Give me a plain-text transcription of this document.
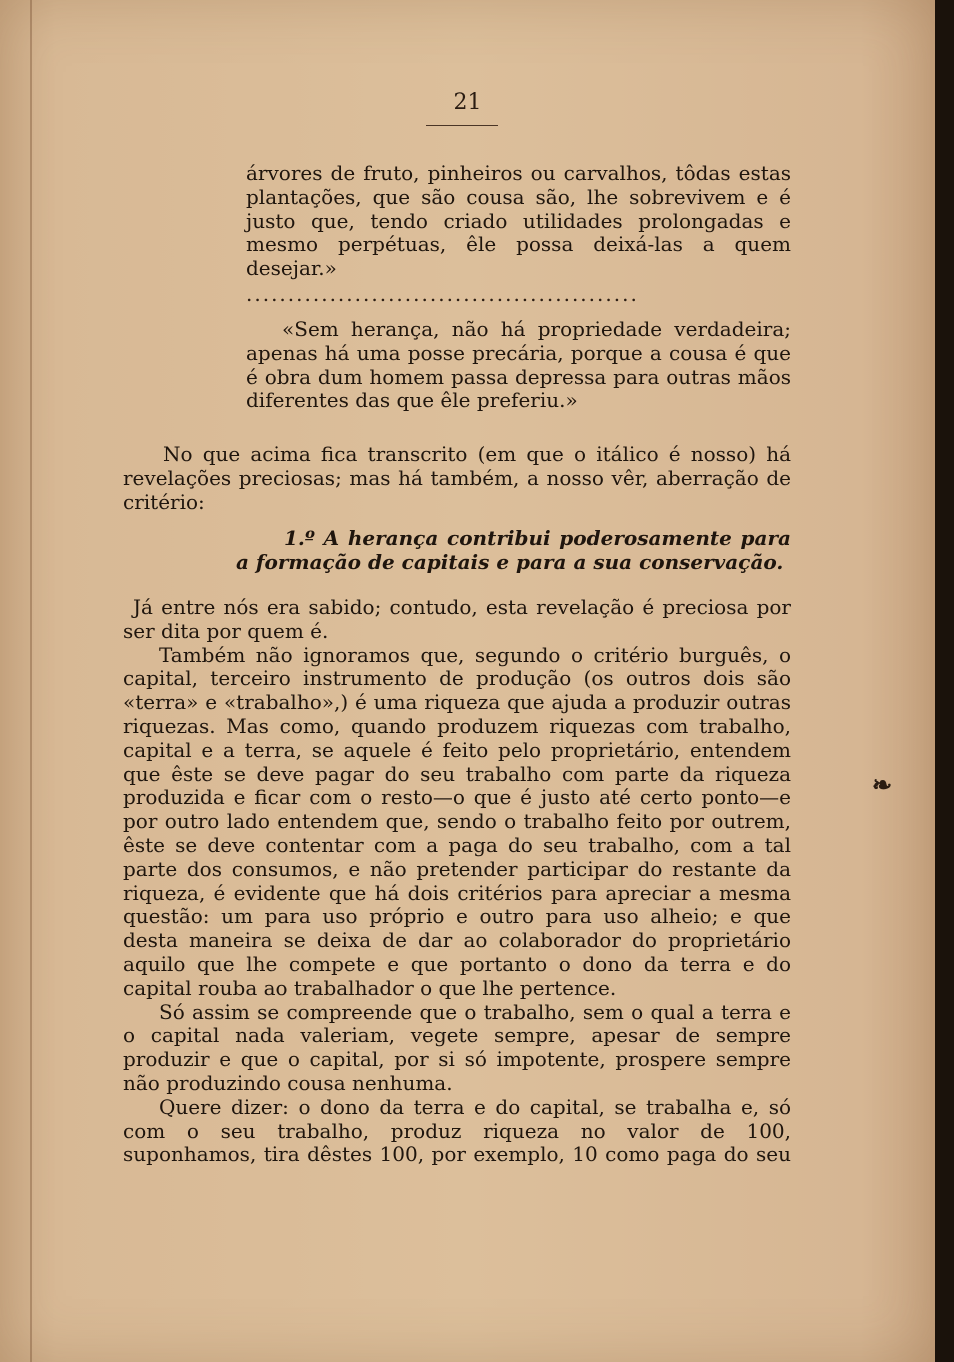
21

árvores de fruto, pinheiros ou carvalhos, tôdas estas plantações, que são cousa são, lhe sobrevivem e é justo que, tendo criado utilidades prolongadas e mesmo perpétuas, êle possa deixá-las a quem desejar.»

...............................................

«Sem herança, não há propriedade verdadeira; apenas há uma posse precária, porque a cousa é que é obra dum homem passa depressa para outras mãos diferentes das que êle preferiu.»

No que acima fica transcrito (em que o itálico é nosso) há revelações preciosas; mas há também, a nosso vêr, aberração de critério:

1.º A herança contribui poderosamente para a formação de capitais e para a sua conservação.

Já entre nós era sabido; contudo, esta revelação é preciosa por ser dita por quem é.

Também não ignoramos que, segundo o critério burguês, o capital, terceiro instrumento de produção (os outros dois são «terra» e «trabalho»,) é uma riqueza que ajuda a produzir outras riquezas. Mas como, quando produzem riquezas com trabalho, capital e a terra, se aquele é feito pelo proprietário, entendem que êste se deve pagar do seu trabalho com parte da riqueza produzida e ficar com o resto—o que é justo até certo ponto—e por outro lado entendem que, sendo o trabalho feito por outrem, êste se deve contentar com a paga do seu trabalho, com a tal parte dos consumos, e não pretender participar do restante da riqueza, é evidente que há dois critérios para apreciar a mesma questão: um para uso próprio e outro para uso alheio; e que desta maneira se deixa de dar ao colaborador do proprietário aquilo que lhe compete e que portanto o dono da terra e do capital rouba ao trabalhador o que lhe pertence.

Só assim se compreende que o trabalho, sem o qual a terra e o capital nada valeriam, vegete sempre, apesar de sempre produzir e que o capital, por si só impotente, prospere sempre não produzindo cousa nenhuma.

Quere dizer: o dono da terra e do capital, se trabalha e, só com o seu trabalho, produz riqueza no valor de 100, suponhamos, tira dêstes 100, por exemplo, 10 como paga do seu

❧
